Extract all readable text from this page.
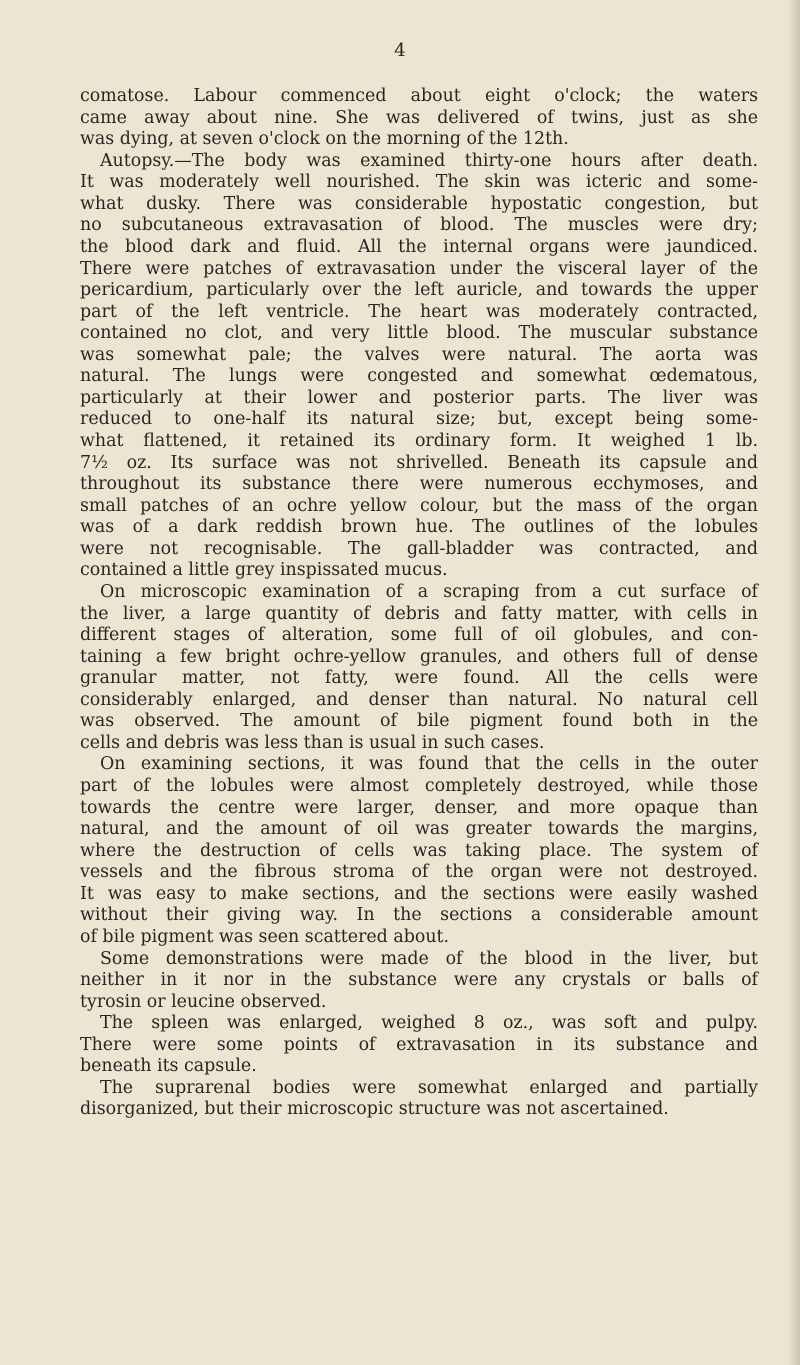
4
comatose. Labour commenced about eight o'clock; the waters
came away about nine. She was delivered of twins, just as she
was dying, at seven o'clock on the morning of the 12th.
Autopsy.—The body was examined thirty-one hours after death.
It was moderately well nourished. The skin was icteric and some-
what dusky. There was considerable hypostatic congestion, but
no subcutaneous extravasation of blood. The muscles were dry;
the blood dark and fluid. All the internal organs were jaundiced.
There were patches of extravasation under the visceral layer of the
pericardium, particularly over the left auricle, and towards the upper
part of the left ventricle. The heart was moderately contracted,
contained no clot, and very little blood. The muscular substance
was somewhat pale; the valves were natural. The aorta was
natural. The lungs were congested and somewhat œdematous,
particularly at their lower and posterior parts. The liver was
reduced to one-half its natural size; but, except being some-
what flattened, it retained its ordinary form. It weighed 1 lb.
7½ oz. Its surface was not shrivelled. Beneath its capsule and
throughout its substance there were numerous ecchymoses, and
small patches of an ochre yellow colour, but the mass of the organ
was of a dark reddish brown hue. The outlines of the lobules
were not recognisable. The gall-bladder was contracted, and
contained a little grey inspissated mucus.
On microscopic examination of a scraping from a cut surface of
the liver, a large quantity of debris and fatty matter, with cells in
different stages of alteration, some full of oil globules, and con-
taining a few bright ochre-yellow granules, and others full of dense
granular matter, not fatty, were found. All the cells were
considerably enlarged, and denser than natural. No natural cell
was observed. The amount of bile pigment found both in the
cells and debris was less than is usual in such cases.
On examining sections, it was found that the cells in the outer
part of the lobules were almost completely destroyed, while those
towards the centre were larger, denser, and more opaque than
natural, and the amount of oil was greater towards the margins,
where the destruction of cells was taking place. The system of
vessels and the fibrous stroma of the organ were not destroyed.
It was easy to make sections, and the sections were easily washed
without their giving way. In the sections a considerable amount
of bile pigment was seen scattered about.
Some demonstrations were made of the blood in the liver, but
neither in it nor in the substance were any crystals or balls of
tyrosin or leucine observed.
The spleen was enlarged, weighed 8 oz., was soft and pulpy.
There were some points of extravasation in its substance and
beneath its capsule.
The suprarenal bodies were somewhat enlarged and partially
disorganized, but their microscopic structure was not ascertained.
